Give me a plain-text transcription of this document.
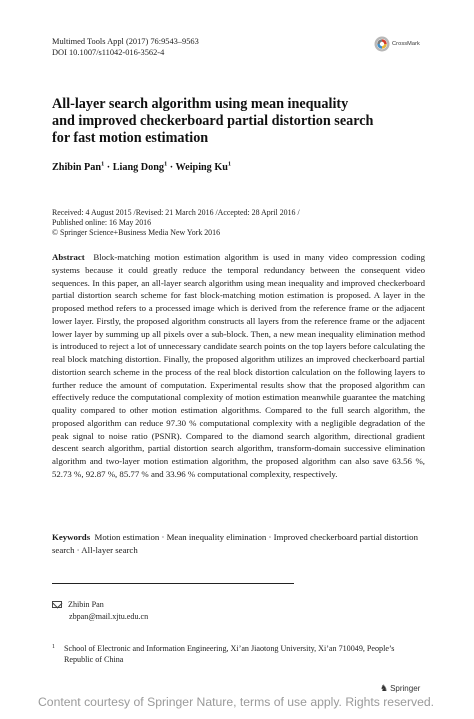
Multimed Tools Appl (2017) 76:9543–9563
DOI 10.1007/s11042-016-3562-4
CrossMark
All-layer search algorithm using mean inequality
and improved checkerboard partial distortion search
for fast motion estimation
Zhibin Pan$^1$ · Liang Dong$^1$ · Weiping Ku$^1$
Received: 4 August 2015 /Revised: 21 March 2016 /Accepted: 28 April 2016 /
Published online: 16 May 2016
© Springer Science+Business Media New York 2016
Abstract Block-matching motion estimation algorithm is used in many video compression coding systems because it could greatly reduce the temporal redundancy between the consequent video sequences. In this paper, an all-layer search algorithm using mean inequality and improved checkerboard partial distortion search scheme for fast block-matching motion estimation is proposed. A layer in the proposed method refers to a processed image which is derived from the reference frame or the adjacent lower layer. Firstly, the proposed algorithm constructs all layers from the reference frame or the adjacent lower layer by summing up all pixels over a sub-block. Then, a new mean inequality elimination method is introduced to reject a lot of unnecessary candidate search points on the top layers before calculating the real block matching distortion. Finally, the proposed algorithm utilizes an improved checkerboard partial distortion search scheme in the process of the real block distortion calculation on the following layers to further reduce the amount of computation. Experimental results show that the proposed algorithm can effectively reduce the computational complexity of motion estimation meanwhile guarantee the matching quality compared to other motion estimation algorithms. Compared to the full search algorithm, the proposed algorithm can reduce 97.30 % computational complexity with a negligible degradation of the peak signal to noise ratio (PSNR). Compared to the diamond search algorithm, directional gradient descent search algorithm, partial distortion search algorithm, transform-domain successive elimination algorithm and two-layer motion estimation algorithm, the proposed algorithm can also save 63.56 %, 52.73 %, 92.87 %, 85.77 % and 33.96 % computational complexity, respectively.
Keywords Motion estimation · Mean inequality elimination · Improved checkerboard partial distortion search · All-layer search
Zhibin Pan
zbpan@mail.xjtu.edu.cn
1 School of Electronic and Information Engineering, Xi’an Jiaotong University, Xi’an 710049, People’s Republic of China
♞ Springer
Content courtesy of Springer Nature, terms of use apply. Rights reserved.
